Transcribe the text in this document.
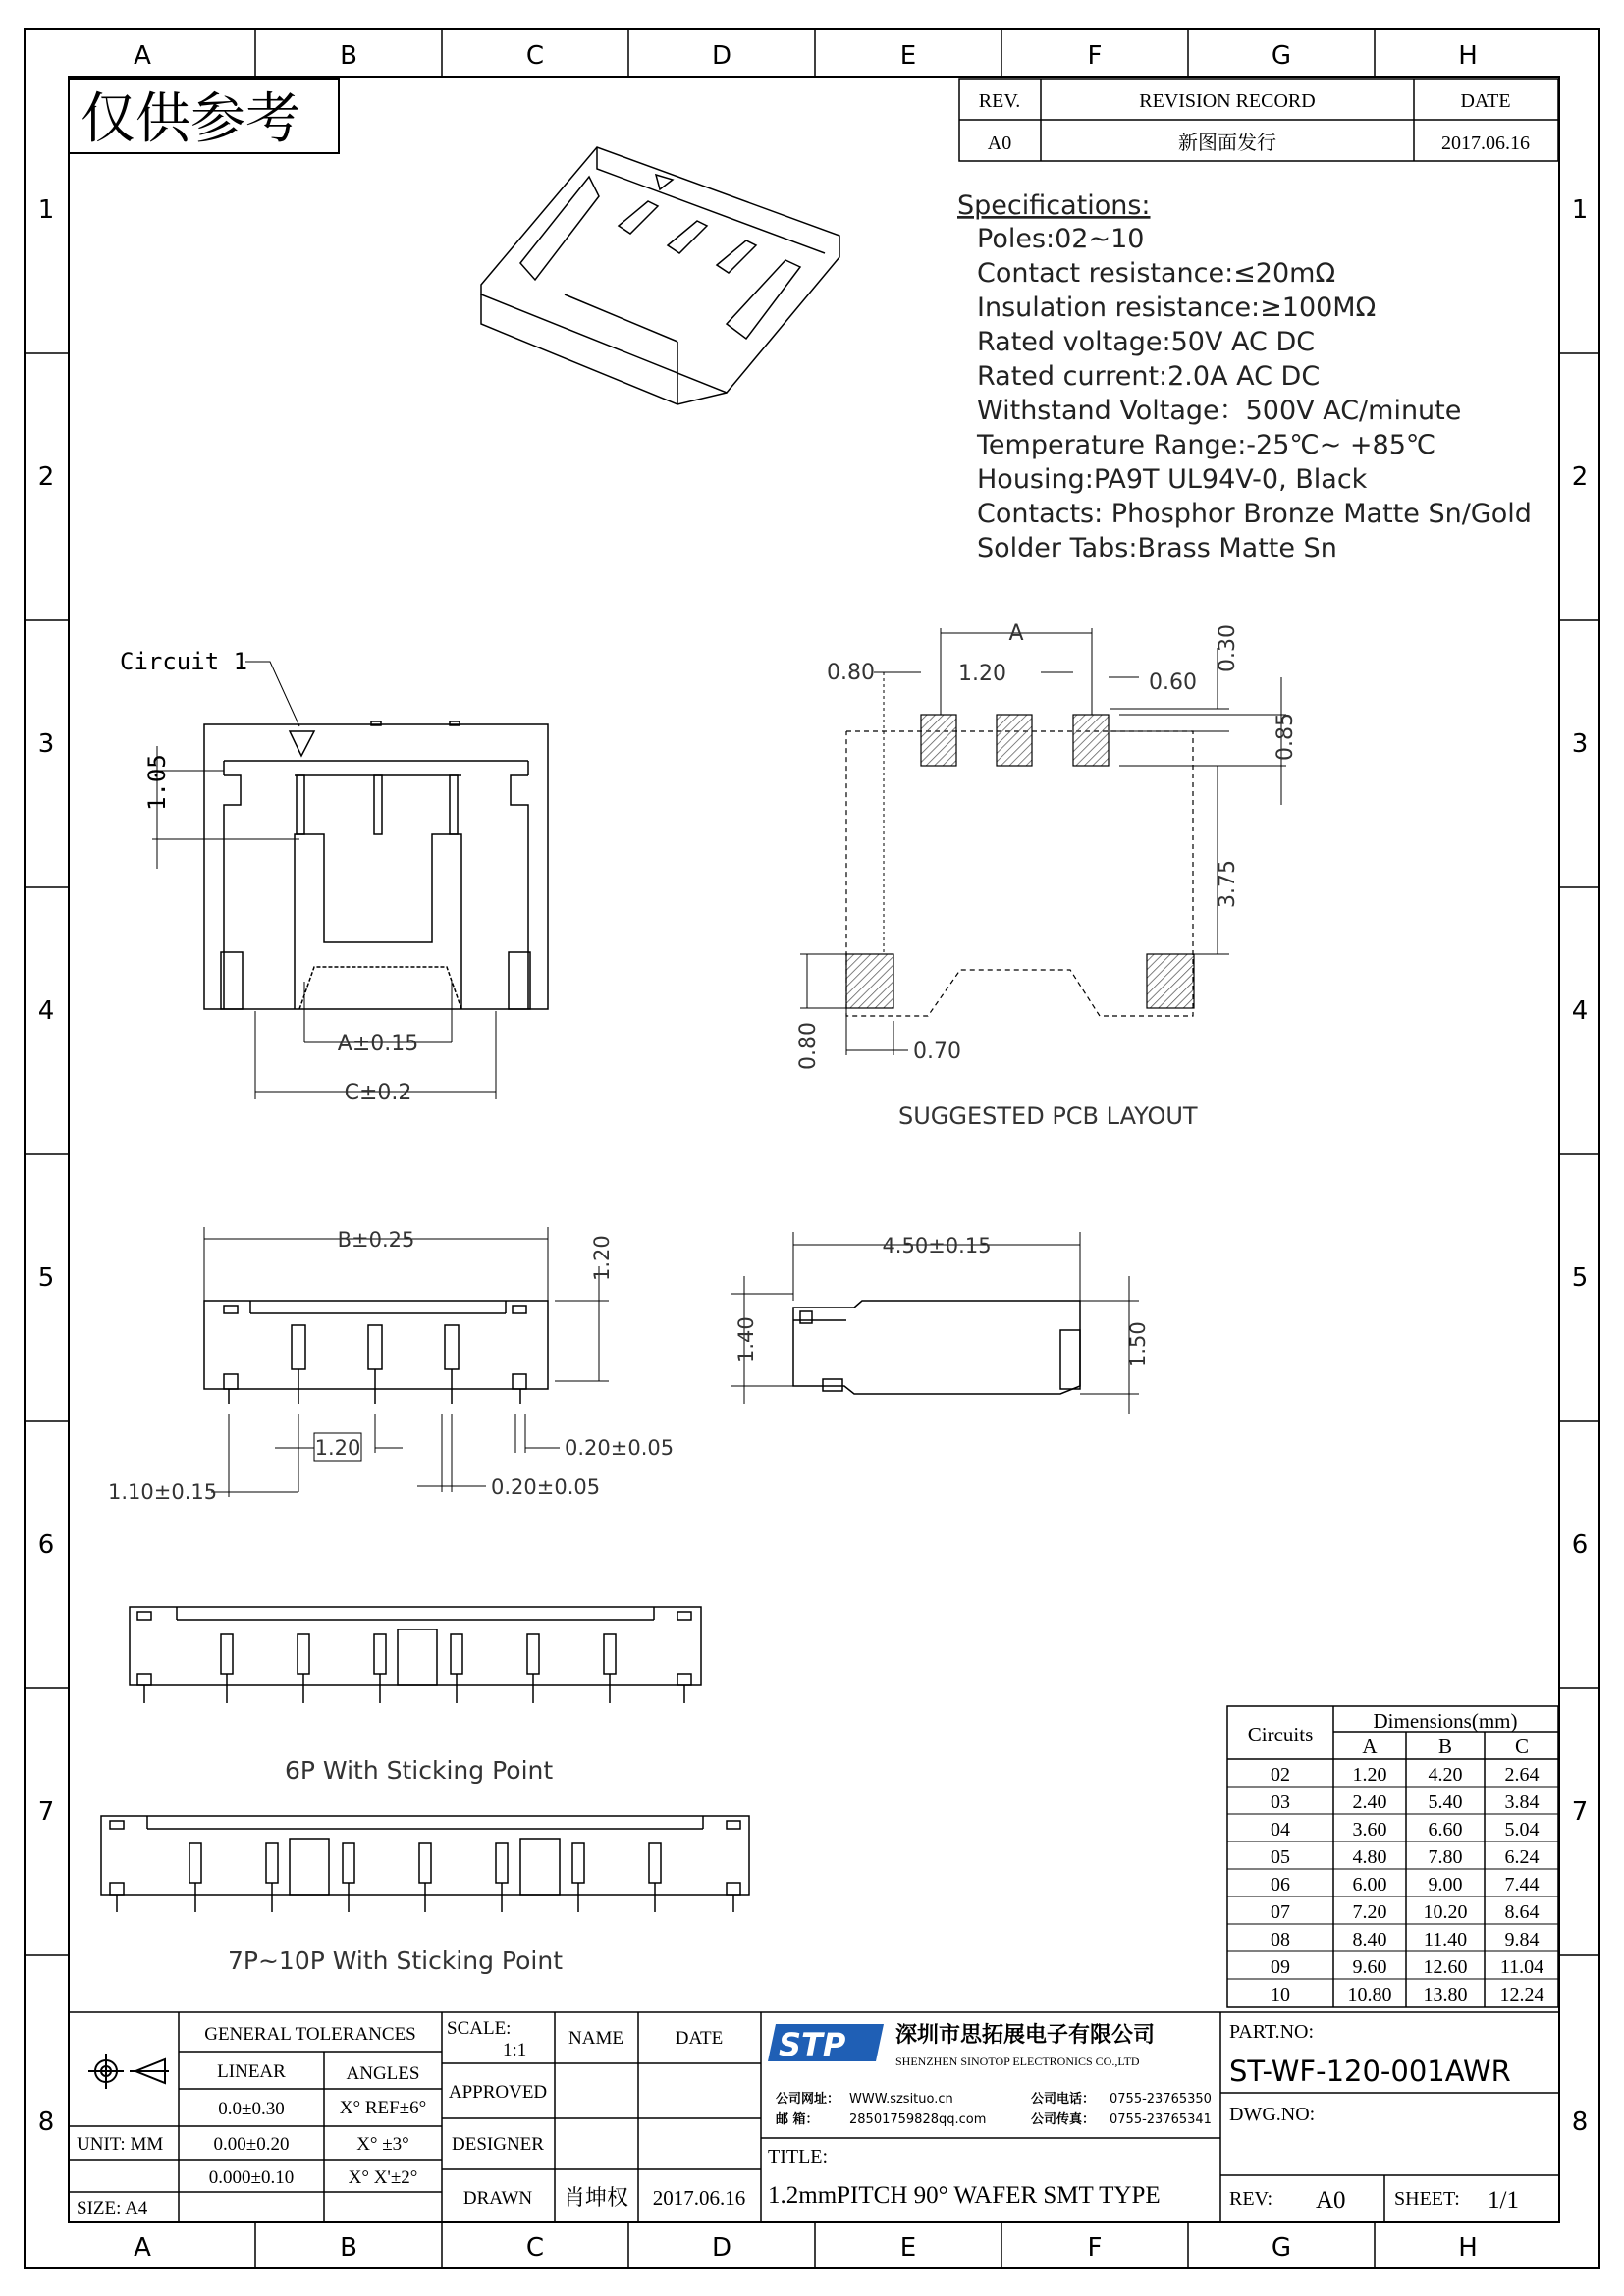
A	B	C	D	E	F	G	H
A	B	C	D	E	F	G	H
1
2
3
4
5
6
7
8
1
2
3
4
5
6
7
8
仅供参考	REV.	REVISION RECORD	DATE
A0	新图面发行	2017.06.16
Specifications:
Poles:02~10
Contact resistance:≤20mΩ
Insulation resistance:≥100MΩ
Rated voltage:50V AC DC
Rated current:2.0A AC DC
Withstand Voltage：500V AC/minute
Temperature Range:-25℃~ +85℃
Housing:PA9T UL94V-0, Black
Contacts: Phosphor Bronze Matte Sn/Gold
Solder Tabs:Brass Matte Sn
Circuit 1
1.05
A±0.15
C±0.2
A
0.80	1.20	0.60
0.30
0.85
3.75
0.80	0.70
SUGGESTED PCB LAYOUT
B±0.25	1.20
1.20	0.20±0.05
0.20±0.05
1.10±0.15
4.50±0.15
1.40	1.50
6P With Sticking Point
7P~10P With Sticking Point
Circuits
Dimensions(mm)
A	B	C
02	1.20 4.20 2.64
03	2.40 5.40 3.84
04	3.60 6.60 5.04
05	4.80 7.80 6.24
06	6.00 9.00 7.44
07	7.20 10.20 8.64
08	8.40 11.40 9.84
09	9.60 12.60 11.04
10	10.80 13.80 12.24
GENERAL TOLERANCES
LINEAR	ANGLES
0.0±0.30	X° REF±6°
0.00±0.20	X° ±3°
0.000±0.10	X° X'±2°
UNIT: MM
SIZE: A4
SCALE:
1:1
NAME	DATE
APPROVED
DESIGNER
DRAWN 肖坤权 2017.06.16
STP 深圳市思拓展电子有限公司
SHENZHEN SINOTOP ELECTRONICS CO.,LTD
公司网址： WWW.szsituo.cn	公司电话： 0755-23765350
邮 箱： 28501759828qq.com	公司传真： 0755-23765341
TITLE:
1.2mmPITCH 90° WAFER SMT TYPE
PART.NO:
ST-WF-120-001AWR
DWG.NO:
REV: A0 SHEET: 1/1
